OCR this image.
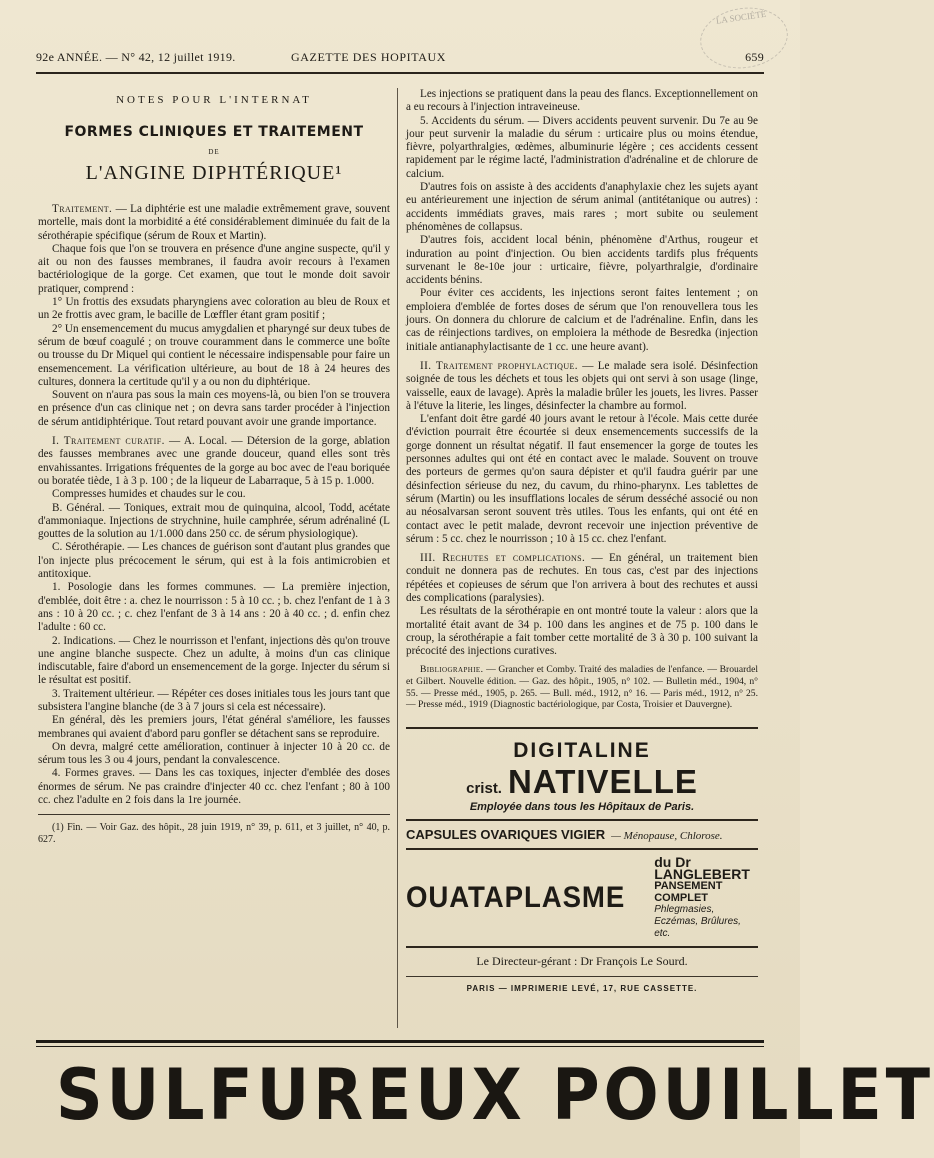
LA SOCIÉTÉ
92e ANNÉE. — N° 42, 12 juillet 1919.	GAZETTE DES HOPITAUX	659
NOTES POUR L'INTERNAT
FORMES CLINIQUES ET TRAITEMENT
DE
L'ANGINE DIPHTÉRIQUE¹

Traitement. — La diphtérie est une maladie extrêmement grave, souvent mortelle, mais dont la morbidité a été considérablement diminuée du fait de la sérothérapie spécifique (sérum de Roux et Martin).

Chaque fois que l'on se trouvera en présence d'une angine suspecte, qu'il y ait ou non des fausses membranes, il faudra avoir recours à l'examen bactériologique de la gorge. Cet examen, que tout le monde doit savoir pratiquer, comprend :

1° Un frottis des exsudats pharyngiens avec coloration au bleu de Roux et un 2e frottis avec gram, le bacille de Lœffler étant gram positif ;

2° Un ensemencement du mucus amygdalien et pharyngé sur deux tubes de sérum de bœuf coagulé ; on trouve couramment dans le commerce une boîte ou trousse du Dr Miquel qui contient le nécessaire indispensable pour faire un ensemencement. La vérification ultérieure, au bout de 18 à 24 heures des cultures, donnera la certitude qu'il y a ou non du diphtérique.

Souvent on n'aura pas sous la main ces moyens-là, ou bien l'on se trouvera en présence d'un cas clinique net ; on devra sans tarder procéder à l'injection de sérum antidiphtérique. Tout retard pouvant avoir une grande importance.

I. Traitement curatif. — A. Local. — Détersion de la gorge, ablation des fausses membranes avec une grande douceur, quand elles sont très envahissantes. Irrigations fréquentes de la gorge au boc avec de l'eau boriquée ou boratée tiède, 1 à 3 p. 100 ; de la liqueur de Labarraque, 5 à 15 p. 1.000.

Compresses humides et chaudes sur le cou.

B. Général. — Toniques, extrait mou de quinquina, alcool, Todd, acétate d'ammoniaque. Injections de strychnine, huile camphrée, sérum adrénaliné (L gouttes de la solution au 1/1.000 dans 250 cc. de sérum physiologique).

C. Sérothérapie. — Les chances de guérison sont d'autant plus grandes que l'on injecte plus précocement le sérum, qui est à la fois antimicrobien et antitoxique.

1. Posologie dans les formes communes. — La première injection, d'emblée, doit être : a. chez le nourrisson : 5 à 10 cc. ; b. chez l'enfant de 1 à 3 ans : 10 à 20 cc. ; c. chez l'enfant de 3 à 14 ans : 20 à 40 cc. ; d. enfin chez l'adulte : 60 cc.

2. Indications. — Chez le nourrisson et l'enfant, injections dès qu'on trouve une angine blanche suspecte. Chez un adulte, à moins d'un cas clinique indiscutable, faire d'abord un ensemencement de la gorge. Injecter du sérum si le résultat est positif.

3. Traitement ultérieur. — Répéter ces doses initiales tous les jours tant que subsistera l'angine blanche (de 3 à 7 jours si cela est nécessaire).

En général, dès les premiers jours, l'état général s'améliore, les fausses membranes qui avaient d'abord paru gonfler se détachent sans se reproduire.

On devra, malgré cette amélioration, continuer à injecter 10 à 20 cc. de sérum tous les 3 ou 4 jours, pendant la convalescence.

4. Formes graves. — Dans les cas toxiques, injecter d'emblée des doses énormes de sérum. Ne pas craindre d'injecter 40 cc. chez l'enfant ; 80 à 100 cc. chez l'adulte en 2 fois dans la 1re journée.

(1) Fin. — Voir Gaz. des hôpit., 28 juin 1919, n° 39, p. 611, et 3 juillet, n° 40, p. 627.

Les injections se pratiquent dans la peau des flancs. Exceptionnellement on a eu recours à l'injection intraveineuse.

5. Accidents du sérum. — Divers accidents peuvent survenir. Du 7e au 9e jour peut survenir la maladie du sérum : urticaire plus ou moins étendue, fièvre, polyarthralgies, œdèmes, albuminurie légère ; ces accidents cessent rapidement par le régime lacté, l'administration d'adrénaline et de chlorure de calcium.

D'autres fois on assiste à des accidents d'anaphylaxie chez les sujets ayant eu antérieurement une injection de sérum animal (antitétanique ou autres) : accidents immédiats graves, mais rares ; mort subite ou seulement phénomènes de collapsus.

D'autres fois, accident local bénin, phénomène d'Arthus, rougeur et induration au point d'injection. Ou bien accidents tardifs plus fréquents survenant le 8e-10e jour : urticaire, fièvre, polyarthralgie, d'ordinaire accidents bénins.

Pour éviter ces accidents, les injections seront faites lentement ; on emploiera d'emblée de fortes doses de sérum que l'on renouvellera tous les jours. On donnera du chlorure de calcium et de l'adrénaline. Enfin, dans les cas de réinjections tardives, on emploiera la méthode de Besredka (injection initiale antianaphylactisante de 1 cc. une heure avant).

II. Traitement prophylactique. — Le malade sera isolé. Désinfection soignée de tous les déchets et tous les objets qui ont servi à son usage (linge, vaisselle, eaux de lavage). Après la maladie brûler les jouets, les livres. Passer à l'étuve la literie, les linges, désinfecter la chambre au formol.

L'enfant doit être gardé 40 jours avant le retour à l'école. Mais cette durée d'éviction pourrait être écourtée si deux ensemencements successifs de la gorge donnent un résultat négatif. Il faut ensemencer la gorge de toutes les personnes adultes qui ont été en contact avec le malade. Souvent on trouve des porteurs de germes qu'on saura dépister et qu'il faudra guérir par une désinfection sérieuse du nez, du cavum, du rhino-pharynx. Les tablettes de sérum (Martin) ou les insufflations locales de sérum desséché associé ou non au néosalvarsan seront souvent très utiles. Tous les enfants, qui ont été en contact avec le petit malade, devront recevoir une injection préventive de sérum : 5 cc. chez le nourrisson ; 10 à 15 cc. chez l'enfant.

III. Rechutes et complications. — En général, un traitement bien conduit ne donnera pas de rechutes. En tous cas, c'est par des injections répétées et copieuses de sérum que l'on arrivera à bout des rechutes et aussi des complications (paralysies).

Les résultats de la sérothérapie en ont montré toute la valeur : alors que la mortalité était avant de 34 p. 100 dans les angines et de 75 p. 100 dans le croup, la sérothérapie a fait tomber cette mortalité de 3 à 30 p. 100 suivant la précocité des injections curatives.

Bibliographie. — Grancher et Comby. Traité des maladies de l'enfance. — Brouardel et Gilbert. Nouvelle édition. — Gaz. des hôpit., 1905, n° 102. — Bulletin méd., 1904, n° 55. — Presse méd., 1905, p. 265. — Bull. méd., 1912, n° 16. — Paris méd., 1912, n° 25. — Presse méd., 1919 (Diagnostic bactériologique, par Costa, Troisier et Dauvergne).

DIGITALINE
crist. NATIVELLE
Employée dans tous les Hôpitaux de Paris.
CAPSULES OVARIQUES VIGIER — Ménopause, Chlorose.
OUATAPLASME
du Dr LANGLEBERT
PANSEMENT COMPLET
Phlegmasies, Eczémas, Brûlures, etc.
Le Directeur-gérant : Dr François Le Sourd.
PARIS — IMPRIMERIE LEVÉ, 17, RUE CASSETTE.
SULFUREUX POUILLET
